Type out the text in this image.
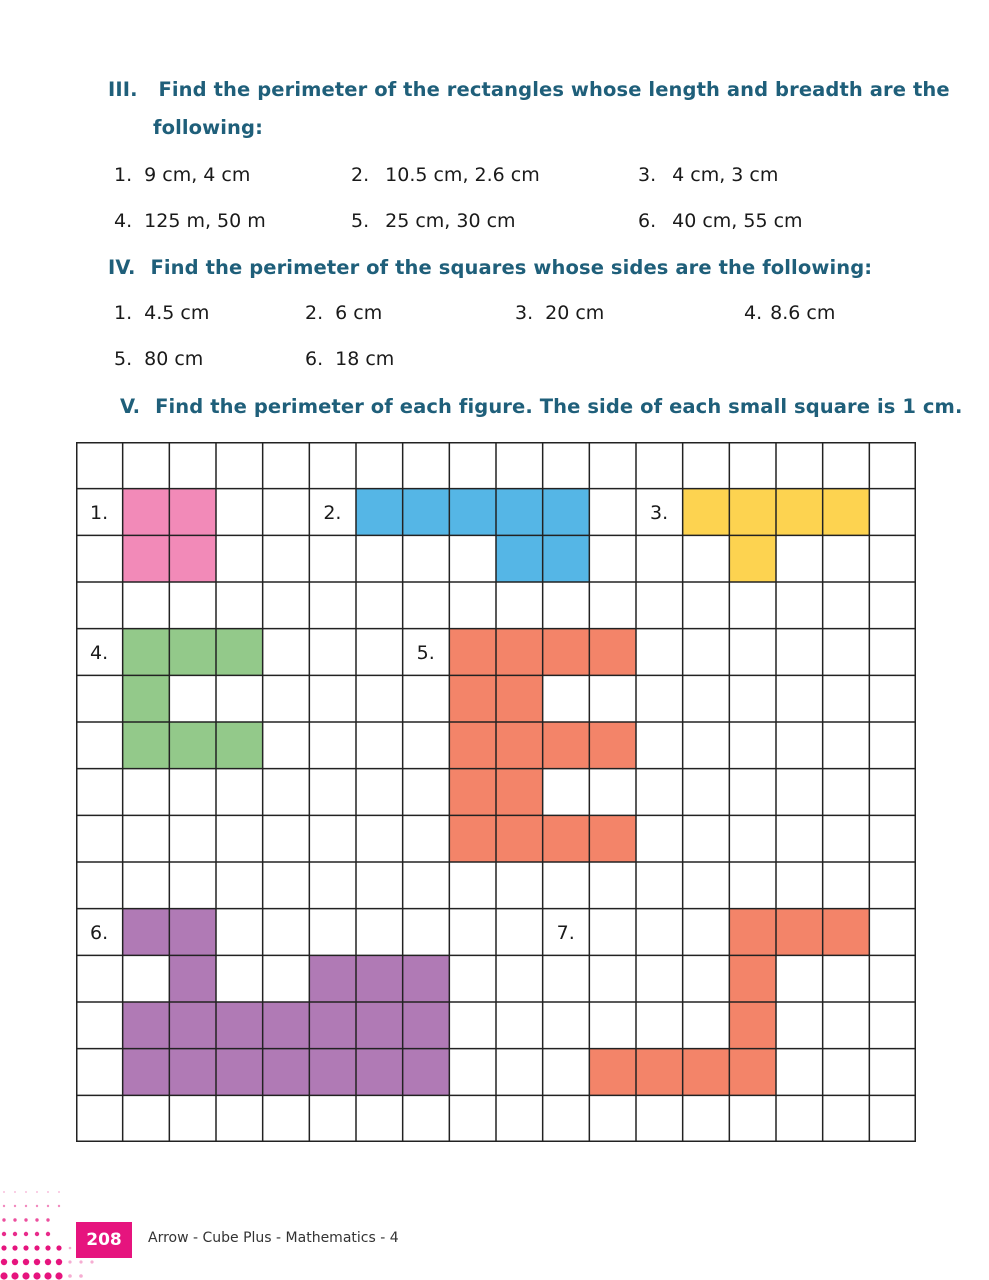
III. Find the perimeter of the rectangles whose length and breadth are the
following:
1. 9 cm, 4 cm	2. 10.5 cm, 2.6 cm	3. 4 cm, 3 cm
4. 125 m, 50 m	5. 25 cm, 30 cm	6. 40 cm, 55 cm
IV. Find the perimeter of the squares whose sides are the following:
1. 4.5 cm	2. 6 cm	3. 20 cm	4. 8.6 cm
5. 80 cm	6. 18 cm
V. Find the perimeter of each figure. The side of each small square is 1 cm.
1.	2.	3.
4.	5.
6.	7.
208 Arrow - Cube Plus - Mathematics - 4
